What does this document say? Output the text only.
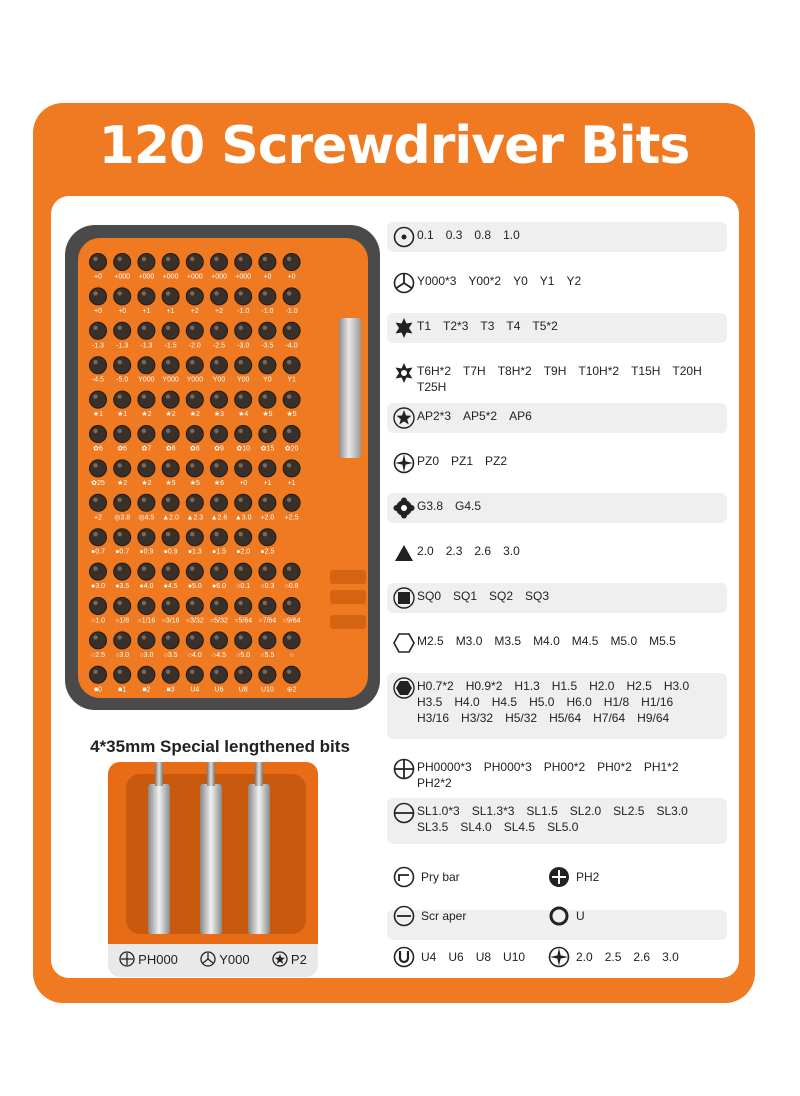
120 Screwdriver Bits
+0 +000 +000 +000 +000 +000 +000 +0 +0
+0 +0 +1 +1 +2 +2 -1.0 -1.0 -1.0
-1.3 -1.3 -1.3 -1.5 -2.0 -2.5 -3.0 -3.5 -4.0
-4.5 -5.0 Y000 Y000 Y000 Y00 Y00 Y0 Y1
★1 ★1 ★2 ★2 ★2 ★3 ★4 ★5 ★5
✿6 ✿6 ✿7 ✿8 ✿8 ✿9 ✿10 ✿15 ✿20
✿25 ★2 ★2 ★5 ★5 ★6 +0 +1 +1
+2 ◎3.8 ◎4.5 ▲2.0 ▲2.3 ▲2.6 ▲3.0 +2.0 +2.5
●0.7 ●0.7 ●0.9 ●0.9 ●1.3 ●1.5 ●2.0 ●2.5
●3.0 ●3.5 ●4.0 ●4.5 ●5.0 ●6.0 ○0.1 ○0.3 ○0.8
○1.0 ○1/8 ○1/16 ○3/16 ○3/32 ○5/32 ○5/64 ○7/64 ○9/64
○2.5 ○3.0 ○3.0 ○3.5 ○4.0 ○4.5 ○5.0 ○5.5 ○
■0 ■1 ■2 ■3 U4 U6 U8 U10 ⊕2
4*35mm Special lengthened bits
PH000	Y000	P2
0.1 0.3 0.8 1.0
Y000*3 Y00*2 Y0 Y1 Y2
T1 T2*3 T3 T4 T5*2
T6H*2 T7H T8H*2 T9H T10H*2 T15H T20H
T25H
AP2*3 AP5*2 AP6
PZ0 PZ1 PZ2
G3.8 G4.5
2.0 2.3 2.6 3.0
SQ0 SQ1 SQ2 SQ3
M2.5 M3.0 M3.5 M4.0 M4.5 M5.0 M5.5
H0.7*2 H0.9*2 H1.3 H1.5 H2.0 H2.5 H3.0
H3.5 H4.0 H4.5 H5.0 H6.0 H1/8 H1/16
H3/16 H3/32 H5/32 H5/64 H7/64 H9/64
PH0000*3 PH000*3 PH00*2 PH0*2 PH1*2
PH2*2
SL1.0*3 SL1.3*3 SL1.5 SL2.0 SL2.5 SL3.0
SL3.5 SL4.0 SL4.5 SL5.0
Pry bar	PH2
Scr aper	U
U4 U6 U8 U10	2.0 2.5 2.6 3.0
